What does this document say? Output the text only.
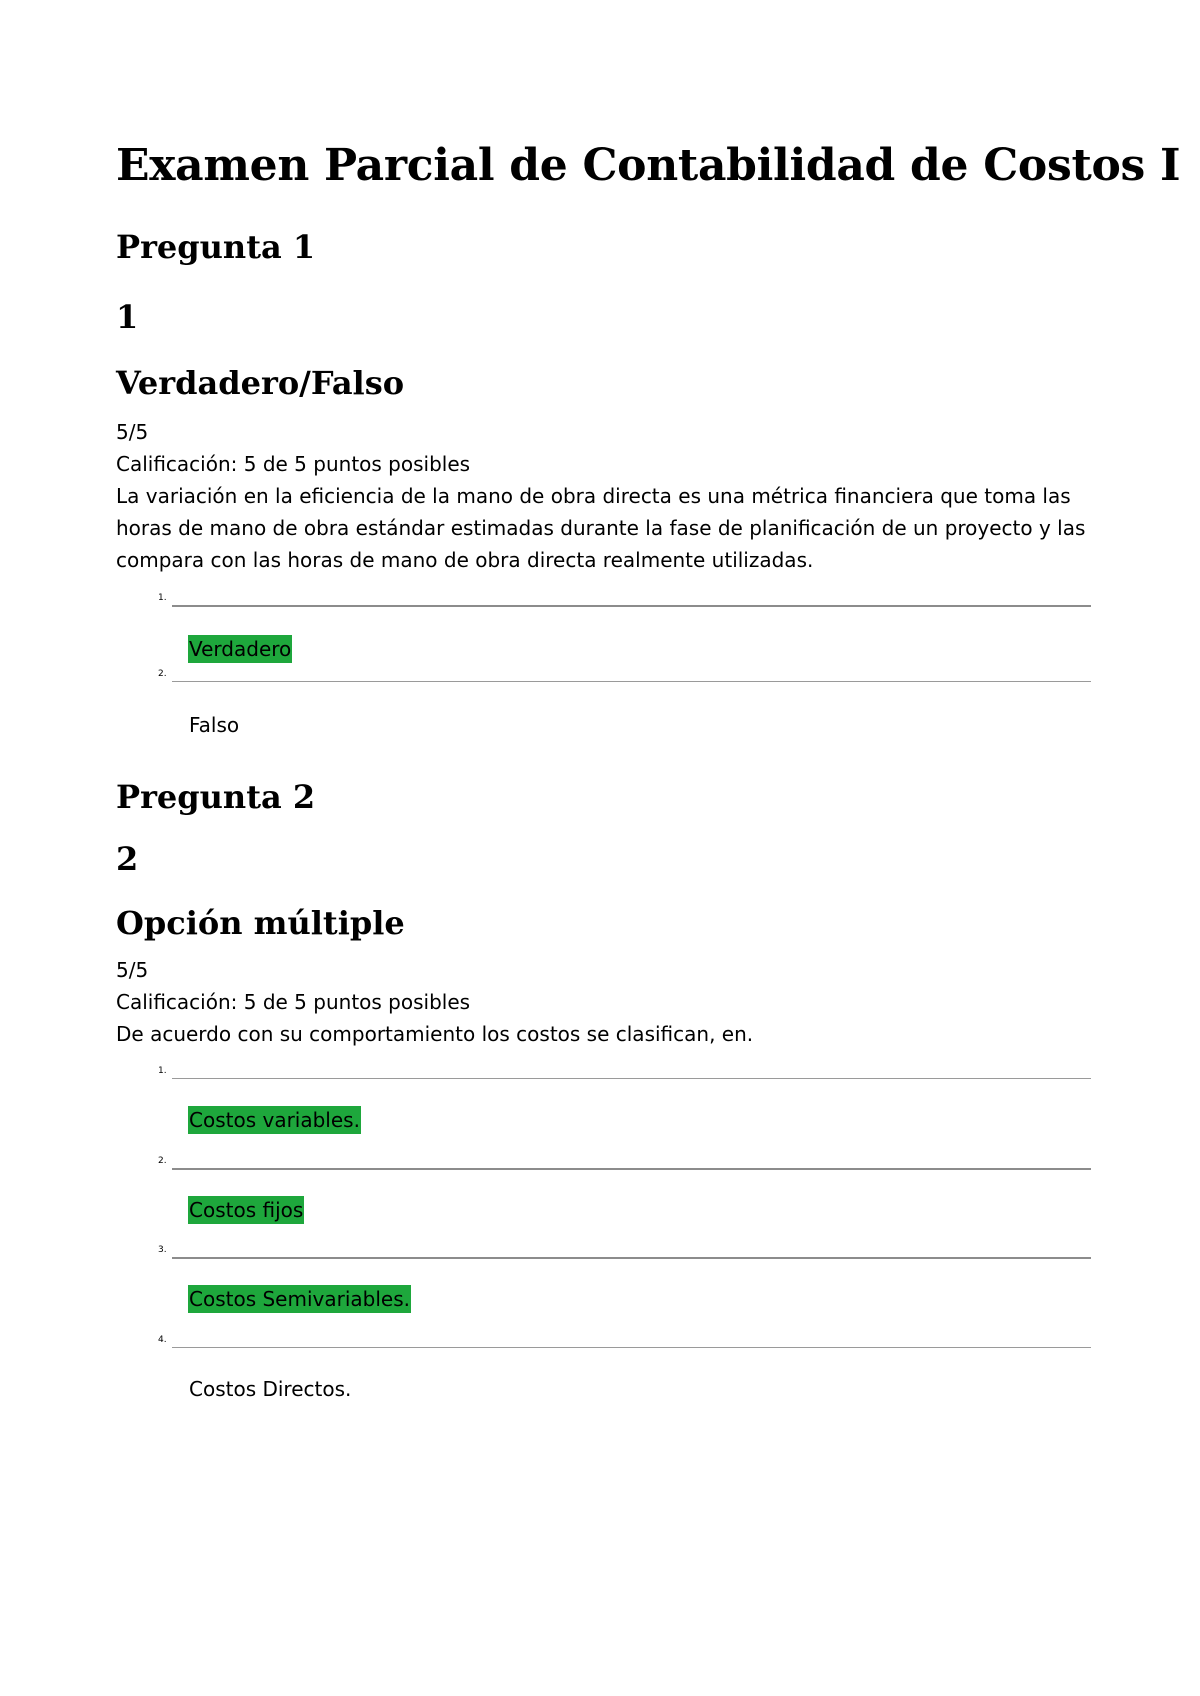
Examen Parcial de Contabilidad de Costos I
Pregunta 1
1
Verdadero/Falso
5/5
Calificación: 5 de 5 puntos posibles
La variación en la eficiencia de la mano de obra directa es una métrica financiera que toma las horas de mano de obra estándar estimadas durante la fase de planificación de un proyecto y las compara con las horas de mano de obra directa realmente utilizadas.
1.
Verdadero
2.
Falso
Pregunta 2
2
Opción múltiple
5/5
Calificación: 5 de 5 puntos posibles
De acuerdo con su comportamiento los costos se clasifican, en.
1.
Costos variables.
2.
Costos fijos
3.
Costos Semivariables.
4.
Costos Directos.
